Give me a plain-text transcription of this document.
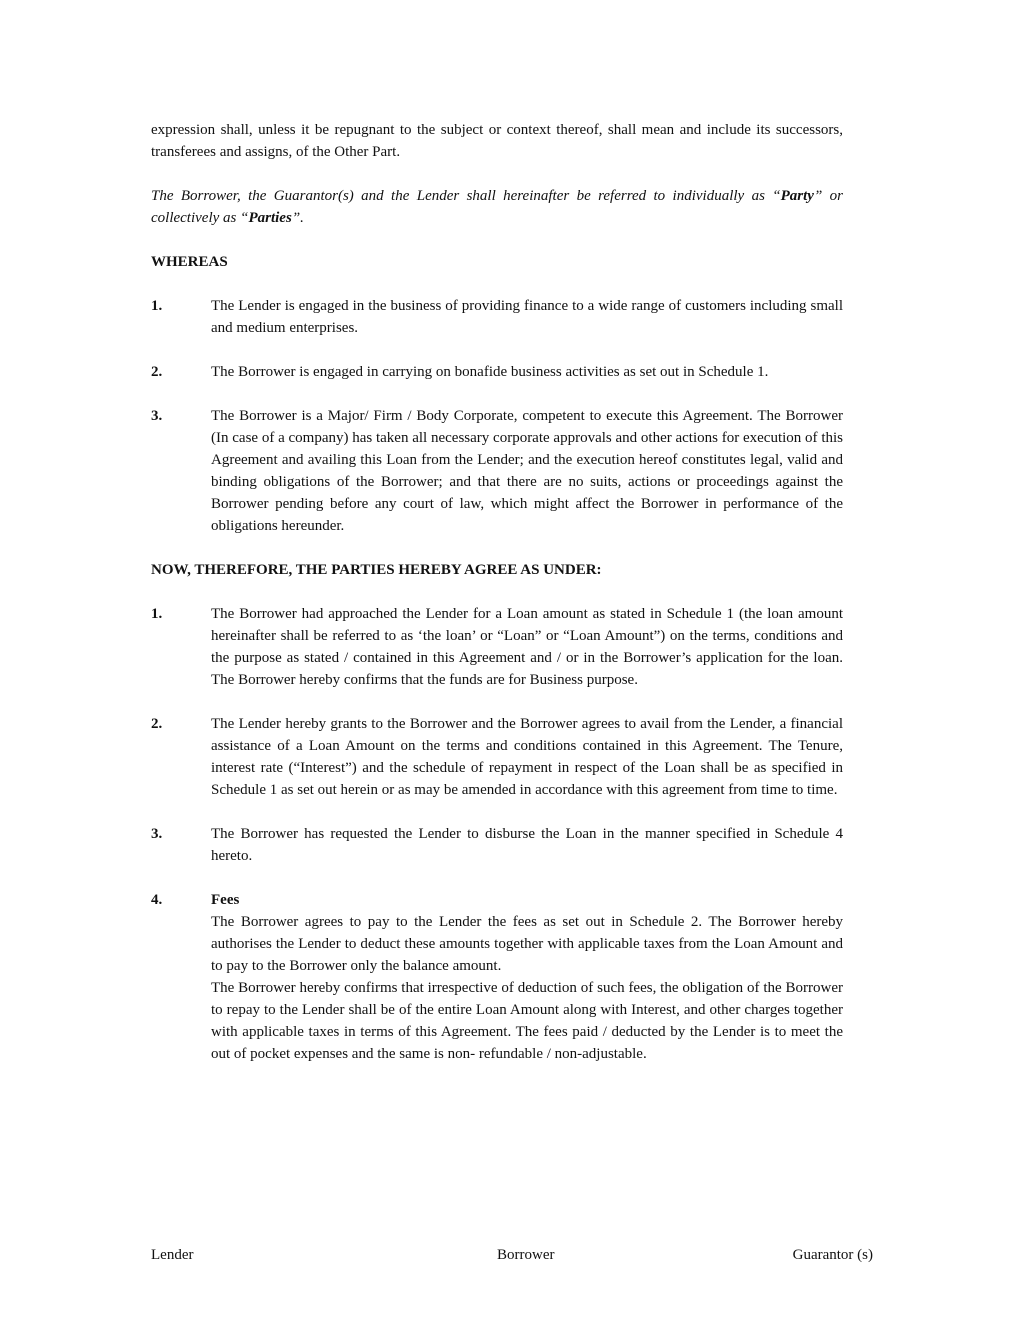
expression shall, unless it be repugnant to the subject or context thereof, shall mean and include its successors, transferees and assigns, of the Other Part.

The Borrower, the Guarantor(s) and the Lender shall hereinafter be referred to individually as “Party” or collectively as “Parties”.

WHEREAS
1.	The Lender is engaged in the business of providing finance to a wide range of customers including small and medium enterprises.

2.	The Borrower is engaged in carrying on bonafide business activities as set out in Schedule 1.

3.	The Borrower is a Major/ Firm / Body Corporate, competent to execute this Agreement. The Borrower (In case of a company) has taken all necessary corporate approvals and other actions for execution of this Agreement and availing this Loan from the Lender; and the execution hereof constitutes legal, valid and binding obligations of the Borrower; and that there are no suits, actions or proceedings against the Borrower pending before any court of law, which might affect the Borrower in performance of the obligations hereunder.

NOW, THEREFORE, THE PARTIES HEREBY AGREE AS UNDER:
1.	The Borrower had approached the Lender for a Loan amount as stated in Schedule 1 (the loan amount hereinafter shall be referred to as ‘the loan’ or “Loan” or “Loan Amount”) on the terms, conditions and the purpose as stated / contained in this Agreement and / or in the Borrower’s application for the loan. The Borrower hereby confirms that the funds are for Business purpose.

2.	The Lender hereby grants to the Borrower and the Borrower agrees to avail from the Lender, a financial assistance of a Loan Amount on the terms and conditions contained in this Agreement. The Tenure, interest rate (“Interest”) and the schedule of repayment in respect of the Loan shall be as specified in Schedule 1 as set out herein or as may be amended in accordance with this agreement from time to time.

3.	The Borrower has requested the Lender to disburse the Loan in the manner specified in Schedule 4 hereto.

4.	Fees

The Borrower agrees to pay to the Lender the fees as set out in Schedule 2. The Borrower hereby authorises the Lender to deduct these amounts together with applicable taxes from the Loan Amount and to pay to the Borrower only the balance amount.

The Borrower hereby confirms that irrespective of deduction of such fees, the obligation of the Borrower to repay to the Lender shall be of the entire Loan Amount along with Interest, and other charges together with applicable taxes in terms of this Agreement. The fees paid / deducted by the Lender is to meet the out of pocket expenses and the same is non- refundable / non-adjustable.

Lender	Borrower	Guarantor (s)
